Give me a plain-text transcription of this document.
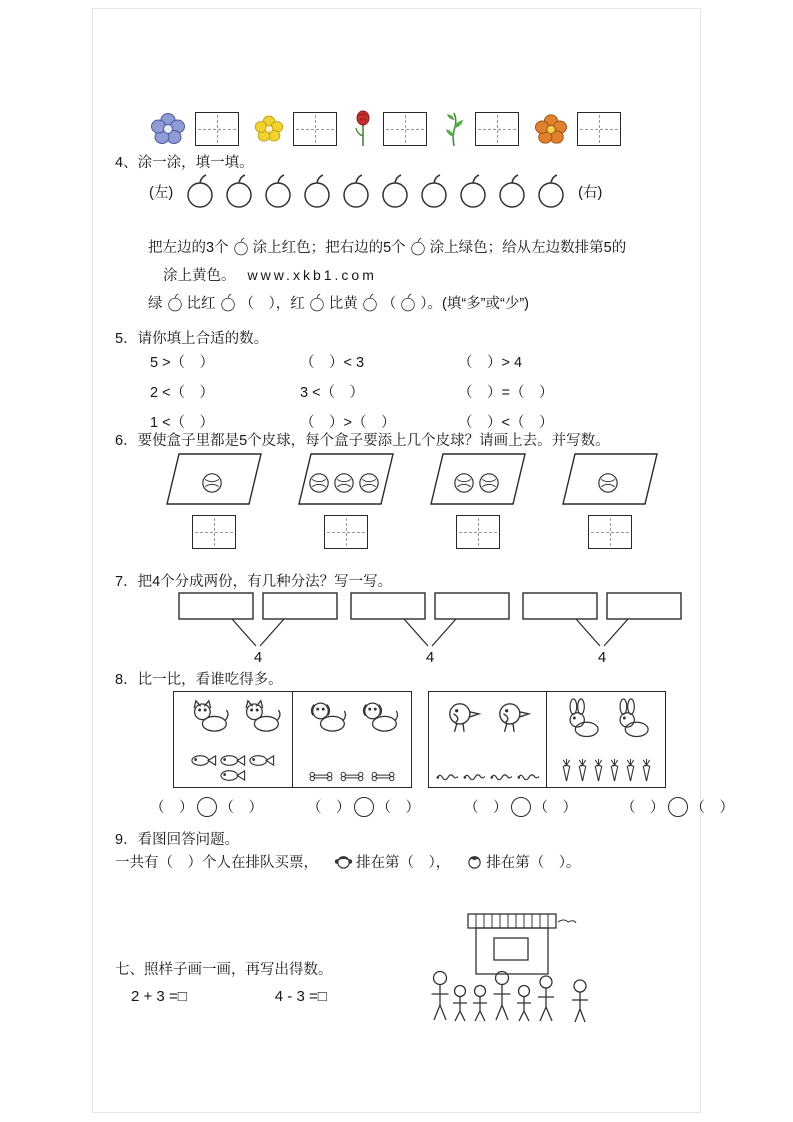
4、涂一涂，填一填。
(左)	(右)
把左边的3个 涂上红色；把右边的5个 涂上绿色；给从左边数排第5的
涂上黄色。 www.xkb1.com
绿 比红 （　），红 比黄 （ ）。(填“多”或“少”)
5．请你填上合适的数。
5 >（　）	（　）< 3	（　）> 4
2 <（　）	3 <（　）	（　）=（　）
1 <（　）	（　）>（　）	（　）<（　）
6．要使盒子里都是5个皮球，每个盒子要添上几个皮球？请画上去。并写数。
7．把4个分成两份，有几种分法？写一写。
4	4	4
8．比一比，看谁吃得多。
（　） （　）	（　） （　）	（　） （　）	（　） （　）
9．看图回答问题。
一共有（　）个人在排队买票，	排在第（　）， 排在第（　）。
七、照样子画一画，再写出得数。
2 + 3 =□	4 - 3 =□
